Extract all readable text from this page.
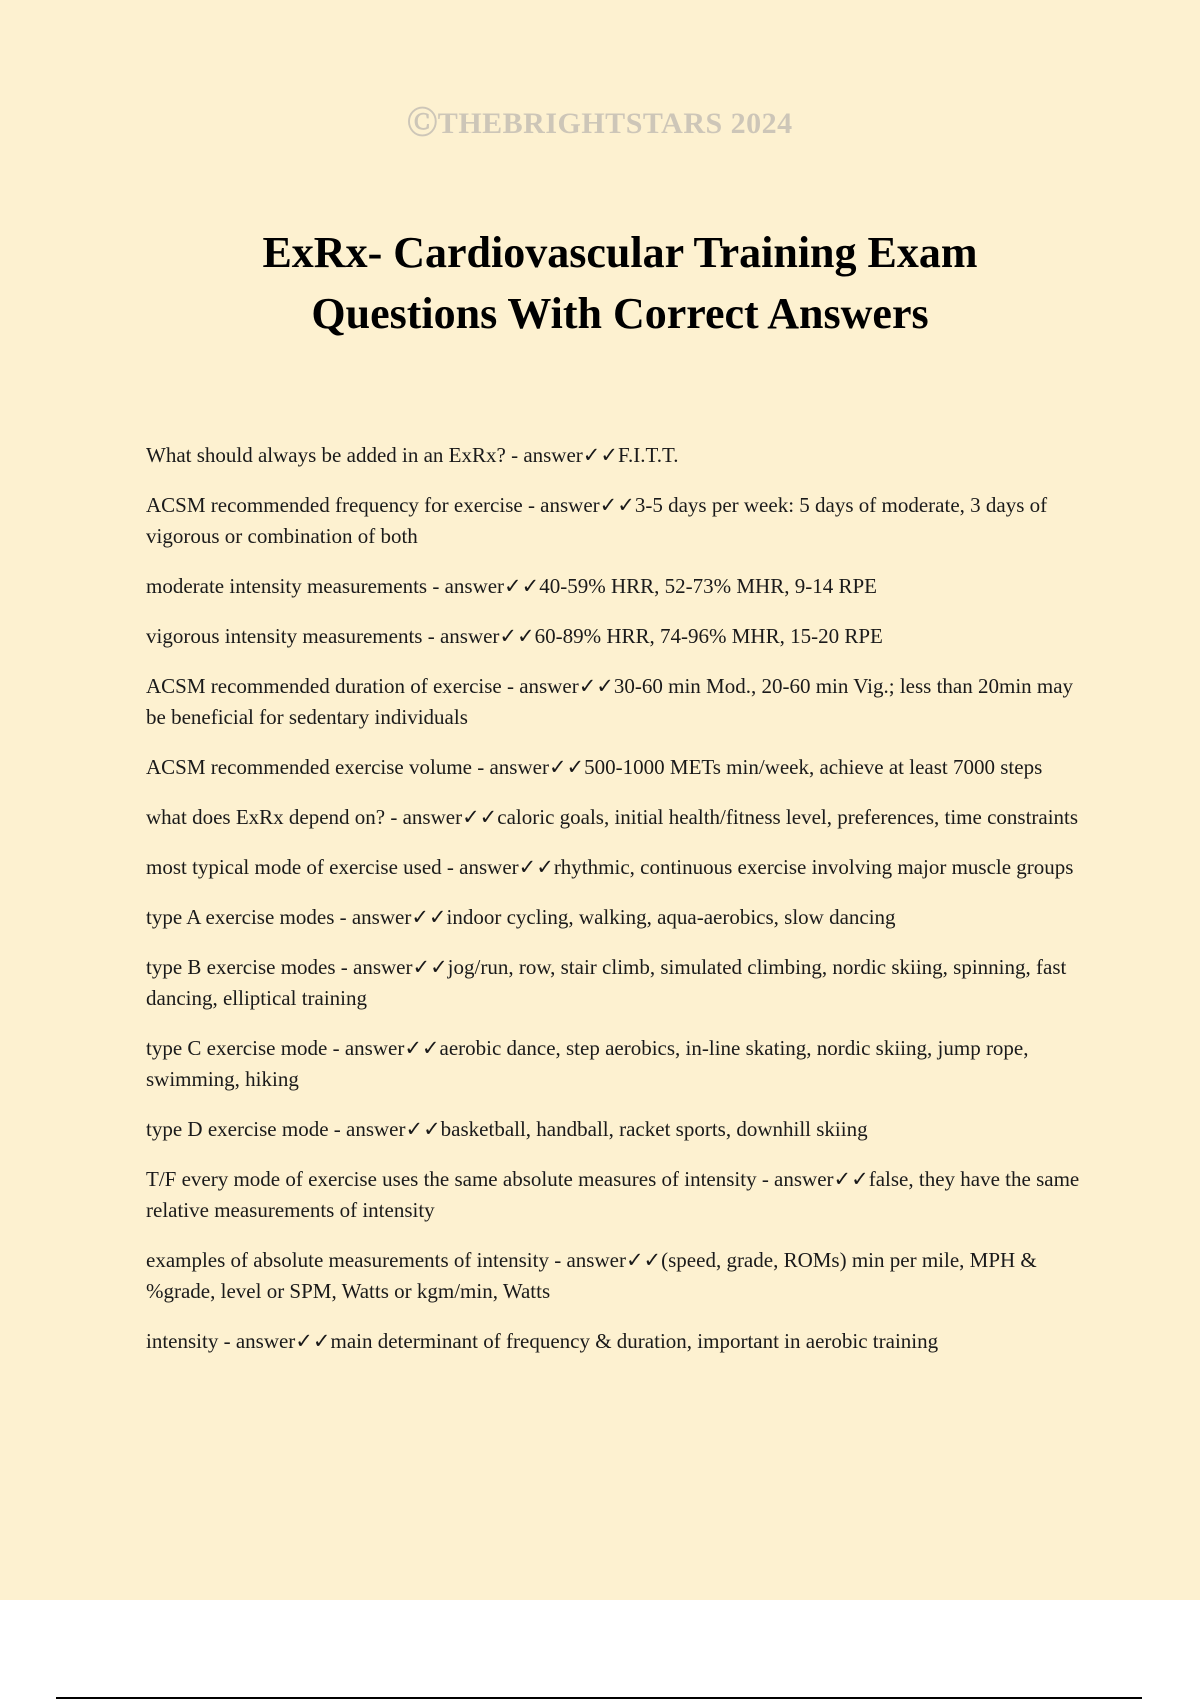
ⒸTHEBRIGHTSTARS 2024
ExRx- Cardiovascular Training Exam
Questions With Correct Answers
What should always be added in an ExRx? - answer✓✓F.I.T.T.
ACSM recommended frequency for exercise - answer✓✓3-5 days per week: 5 days of moderate, 3 days of vigorous or combination of both
moderate intensity measurements - answer✓✓40-59% HRR, 52-73% MHR, 9-14 RPE
vigorous intensity measurements - answer✓✓60-89% HRR, 74-96% MHR, 15-20 RPE
ACSM recommended duration of exercise - answer✓✓30-60 min Mod., 20-60 min Vig.; less than 20min may be beneficial for sedentary individuals
ACSM recommended exercise volume - answer✓✓500-1000 METs min/week, achieve at least 7000 steps
what does ExRx depend on? - answer✓✓caloric goals, initial health/fitness level, preferences, time constraints
most typical mode of exercise used - answer✓✓rhythmic, continuous exercise involving major muscle groups
type A exercise modes - answer✓✓indoor cycling, walking, aqua-aerobics, slow dancing
type B exercise modes - answer✓✓jog/run, row, stair climb, simulated climbing, nordic skiing, spinning, fast dancing, elliptical training
type C exercise mode - answer✓✓aerobic dance, step aerobics, in-line skating, nordic skiing, jump rope, swimming, hiking
type D exercise mode - answer✓✓basketball, handball, racket sports, downhill skiing
T/F every mode of exercise uses the same absolute measures of intensity - answer✓✓false, they have the same relative measurements of intensity
examples of absolute measurements of intensity - answer✓✓(speed, grade, ROMs) min per mile, MPH & %grade, level or SPM, Watts or kgm/min, Watts
intensity - answer✓✓main determinant of frequency & duration, important in aerobic training
